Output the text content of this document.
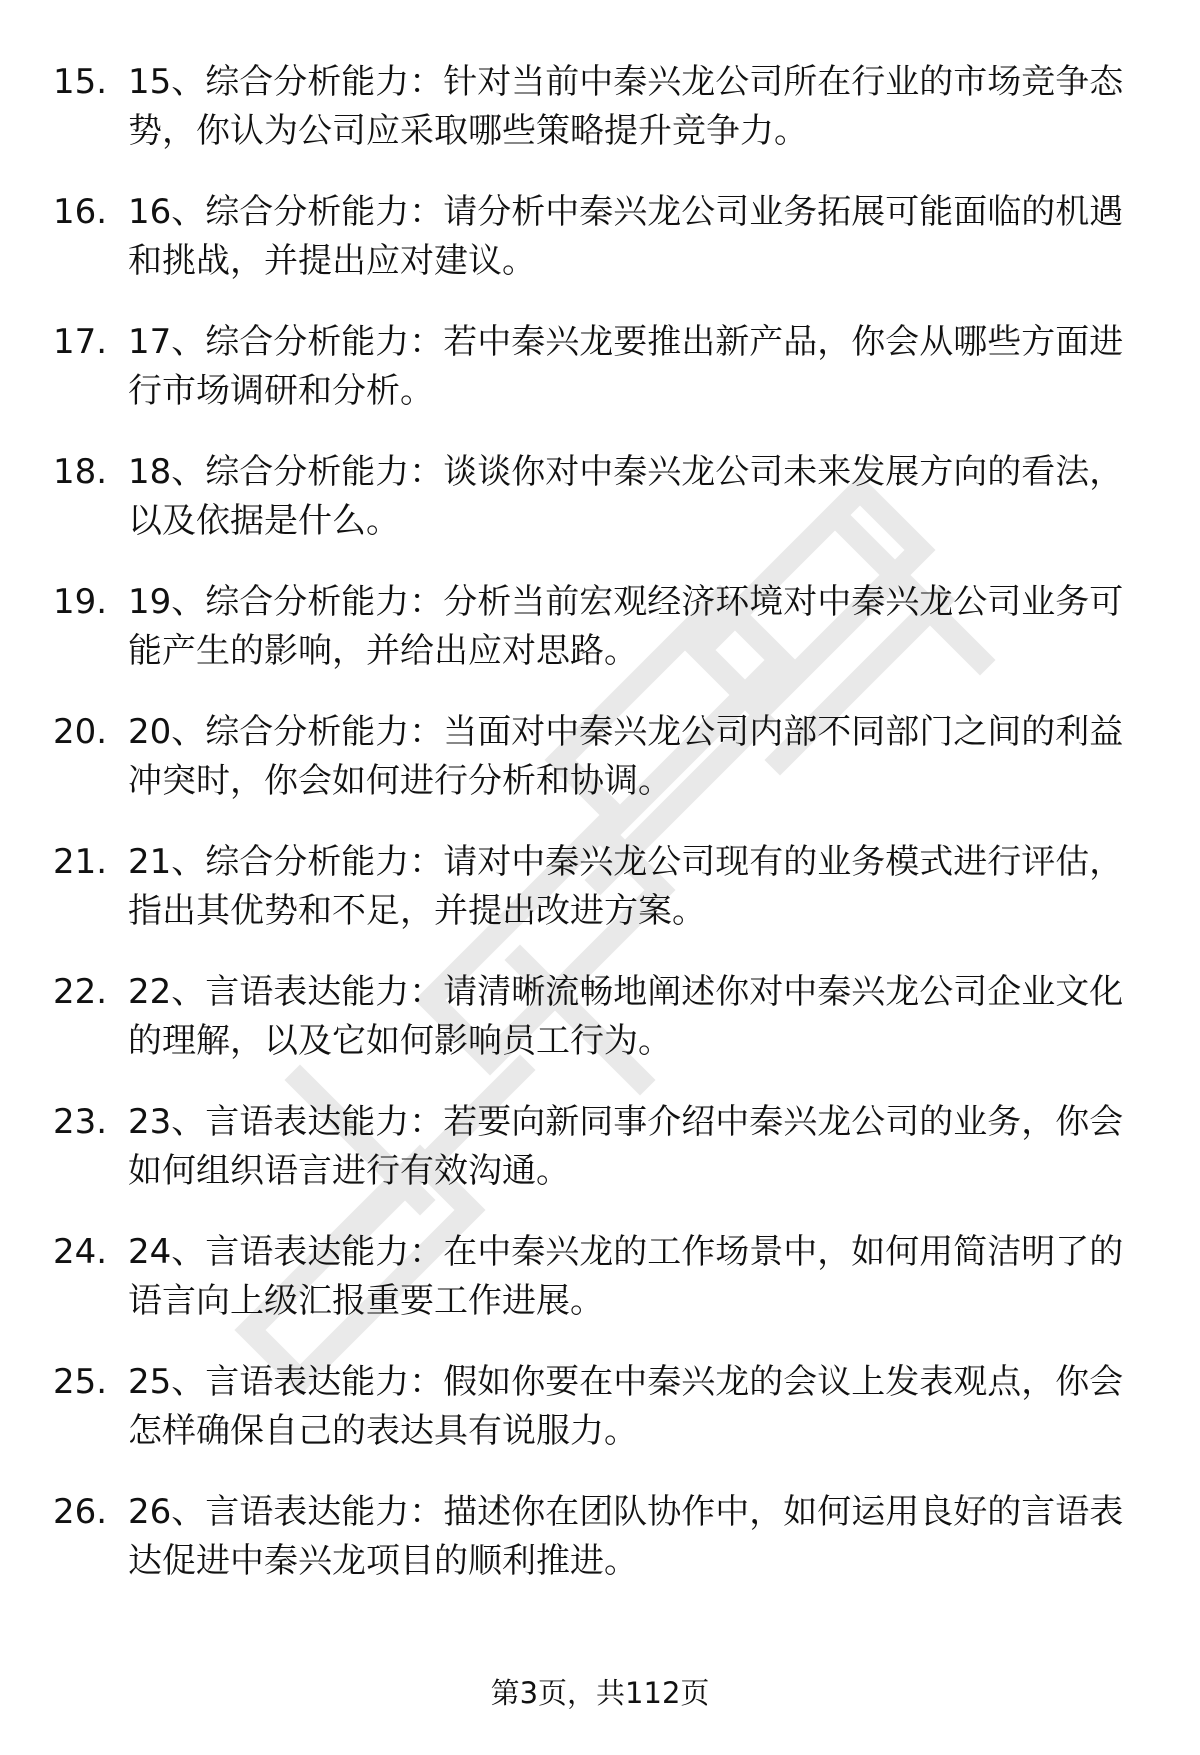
15. 15、综合分析能力：针对当前中秦兴龙公司所在行业的市场竞争态势，你认为公司应采取哪些策略提升竞争力。
16. 16、综合分析能力：请分析中秦兴龙公司业务拓展可能面临的机遇和挑战，并提出应对建议。
17. 17、综合分析能力：若中秦兴龙要推出新产品，你会从哪些方面进行市场调研和分析。
18. 18、综合分析能力：谈谈你对中秦兴龙公司未来发展方向的看法，以及依据是什么。
19. 19、综合分析能力：分析当前宏观经济环境对中秦兴龙公司业务可能产生的影响，并给出应对思路。
20. 20、综合分析能力：当面对中秦兴龙公司内部不同部门之间的利益冲突时，你会如何进行分析和协调。
21. 21、综合分析能力：请对中秦兴龙公司现有的业务模式进行评估，指出其优势和不足，并提出改进方案。
22. 22、言语表达能力：请清晰流畅地阐述你对中秦兴龙公司企业文化的理解，以及它如何影响员工行为。
23. 23、言语表达能力：若要向新同事介绍中秦兴龙公司的业务，你会如何组织语言进行有效沟通。
24. 24、言语表达能力：在中秦兴龙的工作场景中，如何用简洁明了的语言向上级汇报重要工作进展。
25. 25、言语表达能力：假如你要在中秦兴龙的会议上发表观点，你会怎样确保自己的表达具有说服力。
26. 26、言语表达能力：描述你在团队协作中，如何运用良好的言语表达促进中秦兴龙项目的顺利推进。
第3页，共112页
